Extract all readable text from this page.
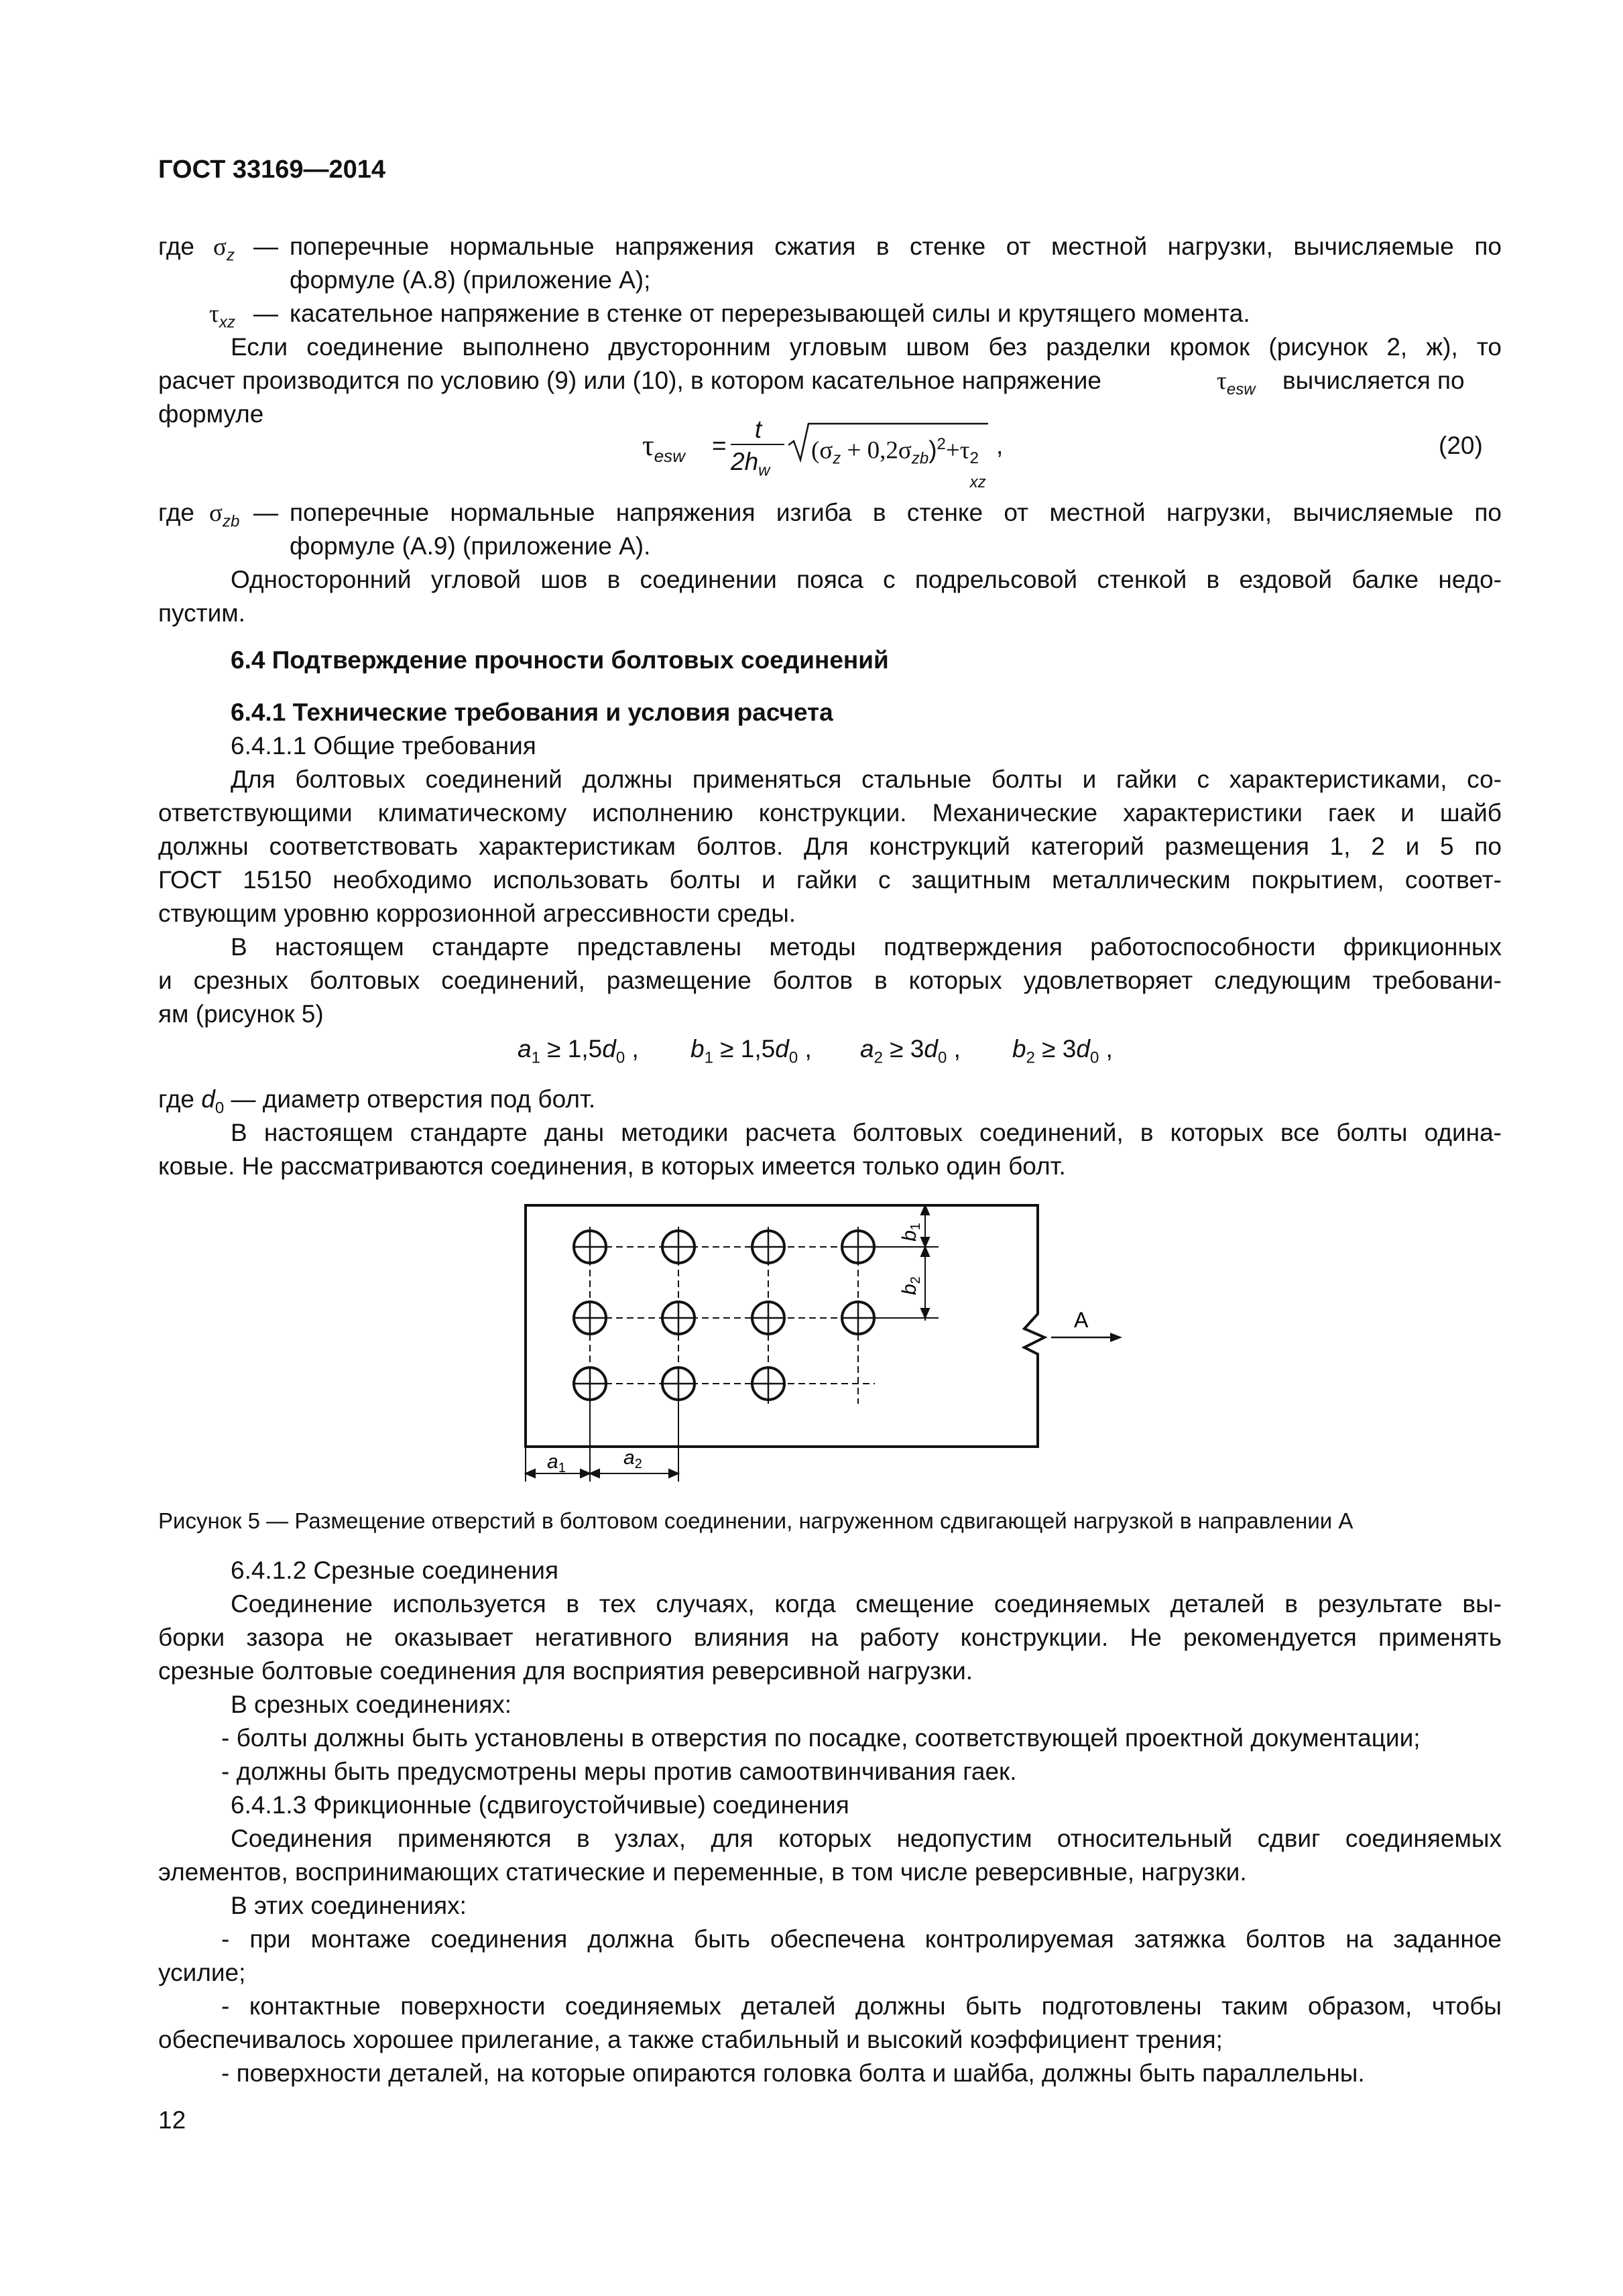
ГОСТ 33169—2014
где $\sigma_z$ — поперечные нормальные напряжения сжатия в стенке от местной нагрузки, вычисляемые по
формуле (А.8) (приложение А);
$\tau_{xz}$ — касательное напряжение в стенке от перерезывающей силы и крутящего момента.
Если соединение выполнено двусторонним угловым швом без разделки кромок (рисунок 2, ж), то
расчет производится по условию (9) или (10), в котором касательное напряжение	$\tau_{esw}$ вычисляется по
формуле
$\tau_{esw}$ =
t
$2h_w$
$(\sigma_z + 0,2\sigma_{zb})^2+\tau$ 2
xz
,	(20)
где $\sigma_{zb}$ — поперечные нормальные напряжения изгиба в стенке от местной нагрузки, вычисляемые по
формуле (А.9) (приложение А).
Односторонний угловой шов в соединении пояса с подрельсовой стенкой в ездовой балке недо-
пустим.
6.4 Подтверждение прочности болтовых соединений
6.4.1 Технические требования и условия расчета
6.4.1.1 Общие требования
Для болтовых соединений должны применяться стальные болты и гайки с характеристиками, со-
ответствующими климатическому исполнению конструкции. Механические характеристики гаек и шайб
должны соответствовать характеристикам болтов. Для конструкций категорий размещения 1, 2 и 5 по
ГОСТ 15150 необходимо использовать болты и гайки с защитным металлическим покрытием, соответ-
ствующим уровню коррозионной агрессивности среды.
В настоящем стандарте представлены методы подтверждения работоспособности фрикционных
и срезных болтовых соединений, размещение болтов в которых удовлетворяет следующим требовани-
ям (рисунок 5)
$a_1 \ge 1,5d_0$ , $b_1 \ge 1,5d_0$ , $a_2 \ge 3d_0$ , $b_2 \ge 3d_0$ ,
где $d_0$ — диаметр отверстия под болт.
В настоящем стандарте даны методики расчета болтовых соединений, в которых все болты одина-
ковые. Не рассматриваются соединения, в которых имеется только один болт.
$b_1$
$b_2$
A
$a_1$	$a_2$
Рисунок 5 — Размещение отверстий в болтовом соединении, нагруженном сдвигающей нагрузкой в направлении А
6.4.1.2 Срезные соединения
Соединение используется в тех случаях, когда смещение соединяемых деталей в результате вы-
борки зазора не оказывает негативного влияния на работу конструкции. Не рекомендуется применять
срезные болтовые соединения для восприятия реверсивной нагрузки.
В срезных соединениях:
- болты должны быть установлены в отверстия по посадке, соответствующей проектной документации;
- должны быть предусмотрены меры против самоотвинчивания гаек.
6.4.1.3 Фрикционные (сдвигоустойчивые) соединения
Соединения применяются в узлах, для которых недопустим относительный сдвиг соединяемых
элементов, воспринимающих статические и переменные, в том числе реверсивные, нагрузки.
В этих соединениях:
- при монтаже соединения должна быть обеспечена контролируемая затяжка болтов на заданное
усилие;
- контактные поверхности соединяемых деталей должны быть подготовлены таким образом, чтобы
обеспечивалось хорошее прилегание, а также стабильный и высокий коэффициент трения;
- поверхности деталей, на которые опираются головка болта и шайба, должны быть параллельны.
12
